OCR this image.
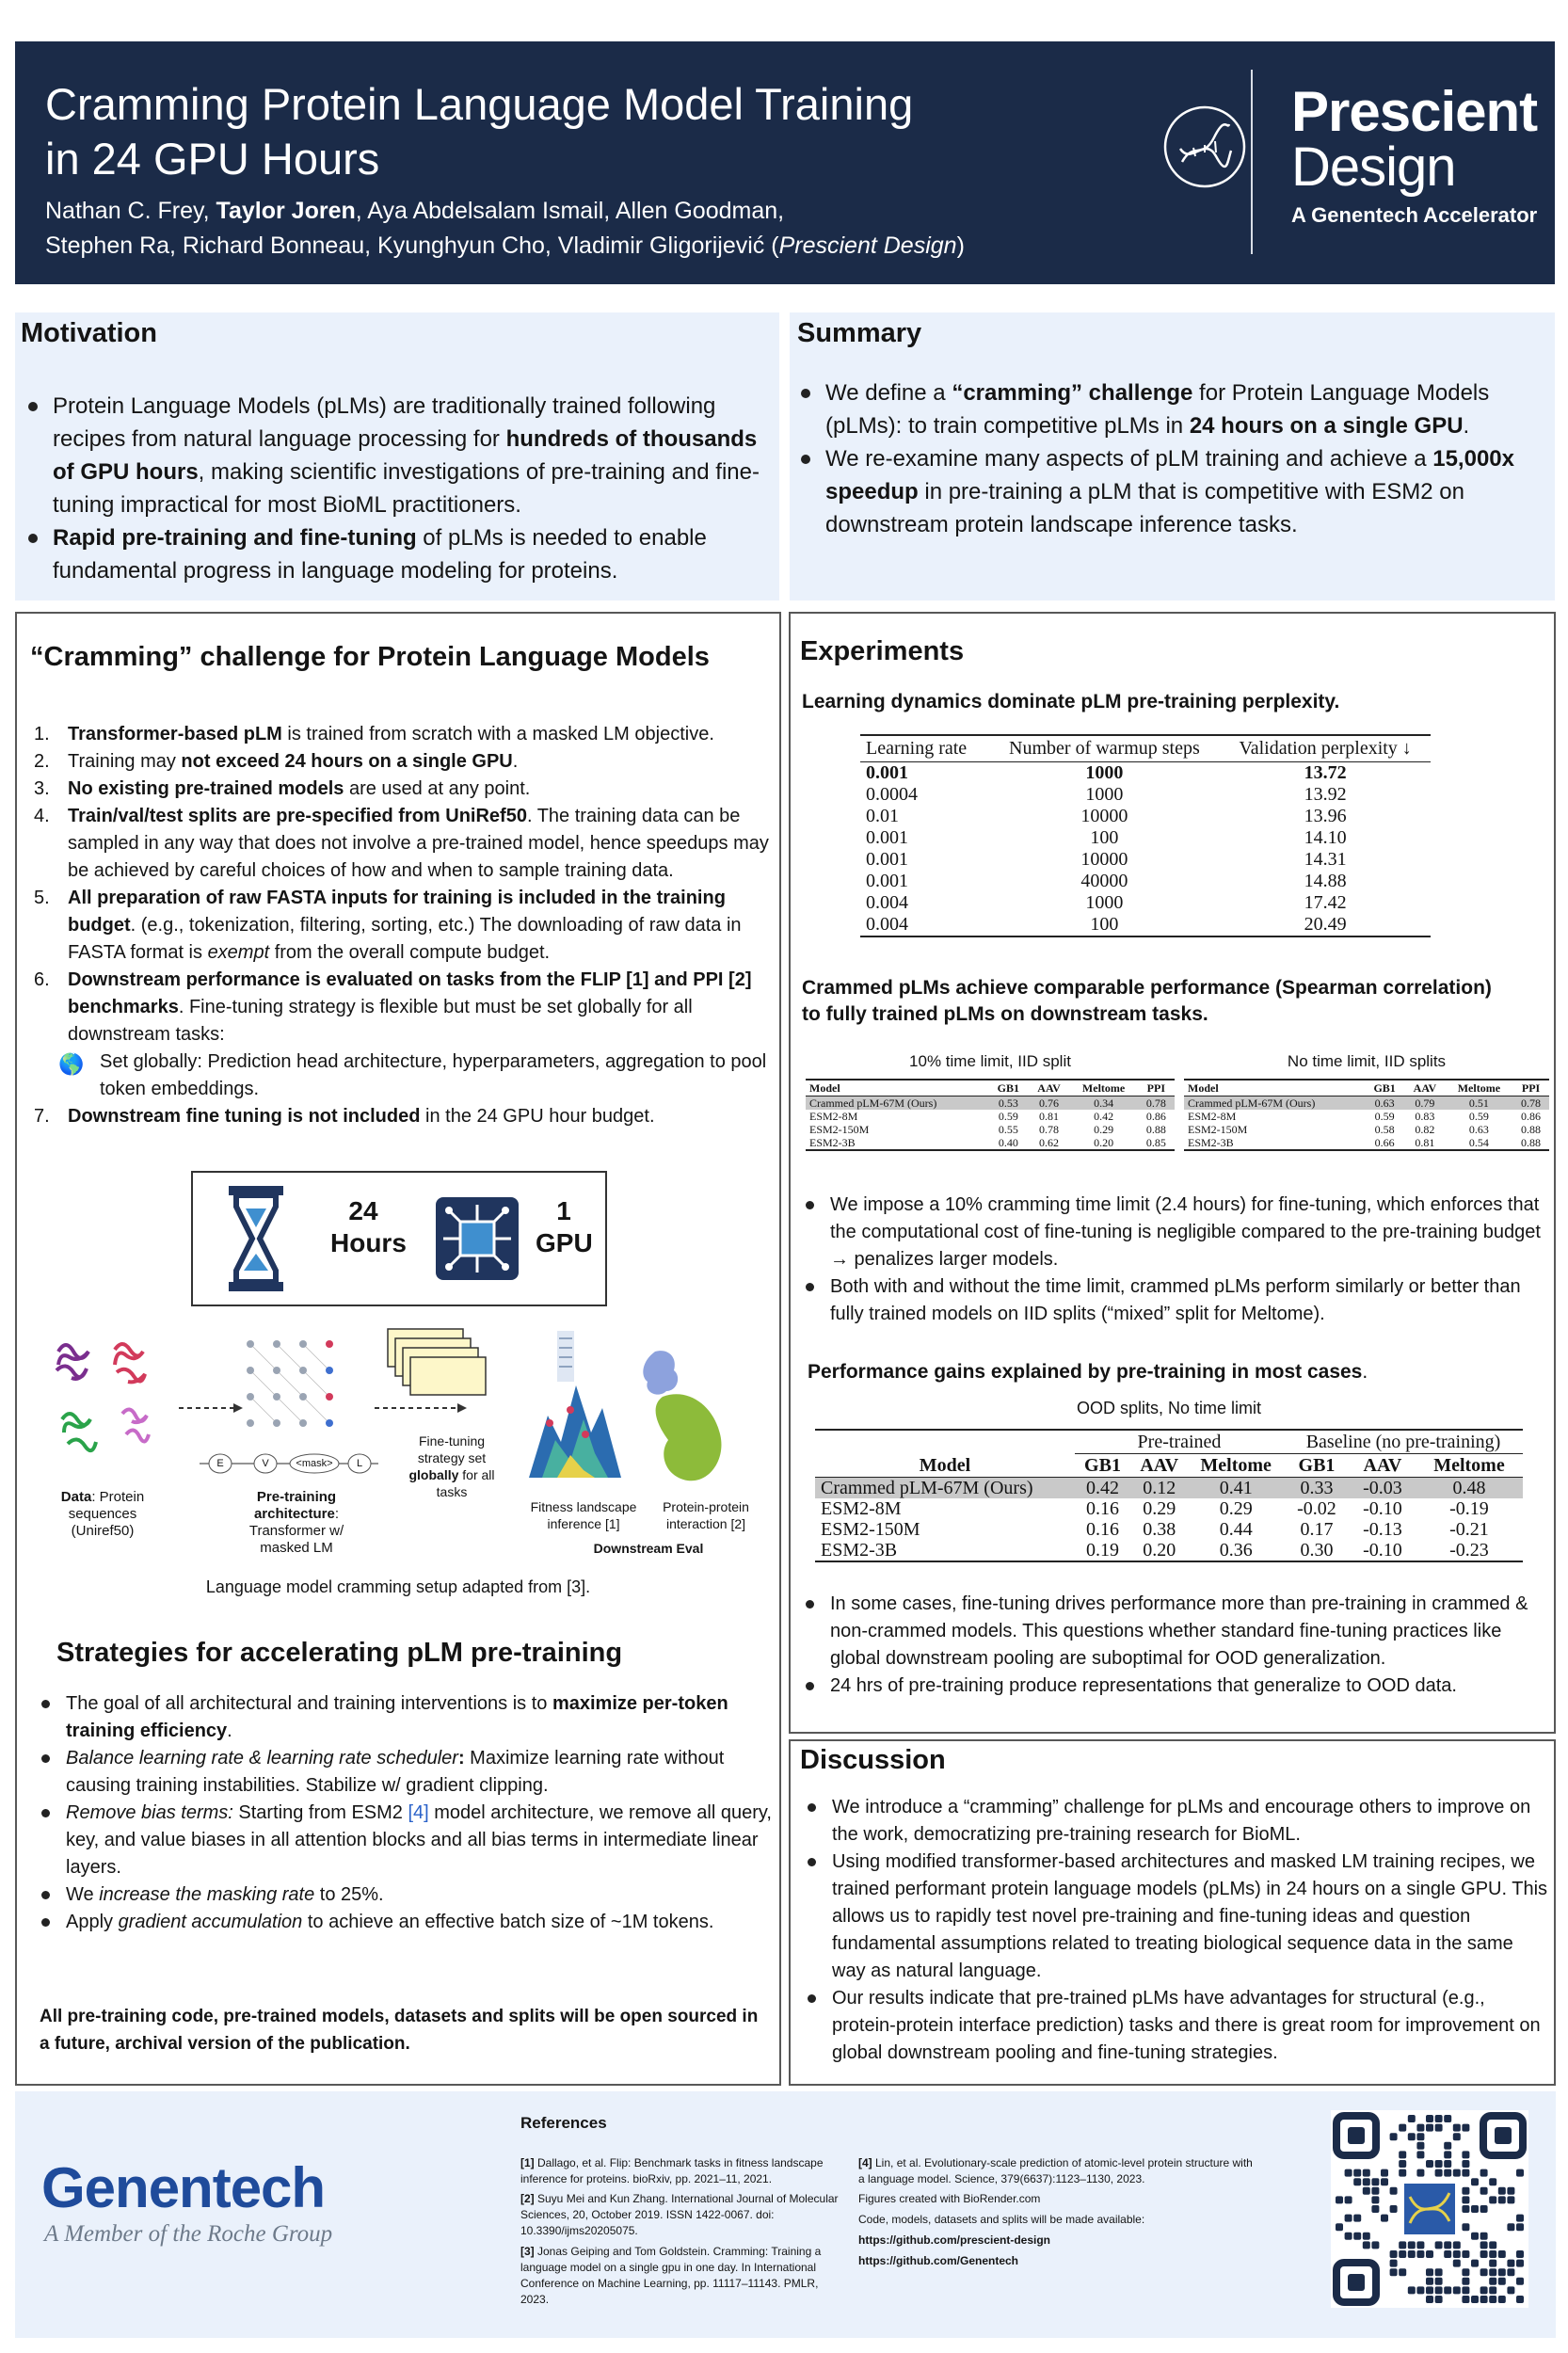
Cramming Protein Language Model Training
in 24 GPU Hours
Nathan C. Frey, Taylor Joren, Aya Abdelsalam Ismail, Allen Goodman,
Stephen Ra, Richard Bonneau, Kyunghyun Cho, Vladimir Gligorijević (Prescient Design)
Prescient
Design
A Genentech Accelerator
Motivation
Protein Language Models (pLMs) are traditionally trained following recipes from natural language processing for hundreds of thousands of GPU hours, making scientific investigations of pre-training and fine-tuning impractical for most BioML practitioners.
Rapid pre-training and fine-tuning of pLMs is needed to enable fundamental progress in language modeling for proteins.
Summary
We define a “cramming” challenge for Protein Language Models (pLMs): to train competitive pLMs in 24 hours on a single GPU.
We re-examine many aspects of pLM training and achieve a 15,000x speedup in pre-training a pLM that is competitive with ESM2 on downstream protein landscape inference tasks.
“Cramming” challenge for Protein Language Models
1. Transformer-based pLM is trained from scratch with a masked LM objective.
2. Training may not exceed 24 hours on a single GPU.
3. No existing pre-trained models are used at any point.
4. Train/val/test splits are pre-specified from UniRef50. The training data can be sampled in any way that does not involve a pre-trained model, hence speedups may be achieved by careful choices of how and when to sample training data.
5. All preparation of raw FASTA inputs for training is included in the training budget. (e.g., tokenization, filtering, sorting, etc.) The downloading of raw data in FASTA format is exempt from the overall compute budget.
6. Downstream performance is evaluated on tasks from the FLIP [1] and PPI [2] benchmarks. Fine-tuning strategy is flexible but must be set globally for all downstream tasks:
🌎 Set globally: Prediction head architecture, hyperparameters, aggregation to pool token embeddings.
7. Downstream fine tuning is not included in the 24 GPU hour budget.
24
Hours
1
GPU
Data: Protein sequences (Uniref50)
E	V	<mask>	L
Pre-training architecture: Transformer w/ masked LM
Fine-tuning strategy set globally for all tasks
Fitness landscape inference [1]
Protein-protein interaction [2]
Downstream Eval
Language model cramming setup adapted from [3].
Strategies for accelerating pLM pre-training
The goal of all architectural and training interventions is to maximize per-token training efficiency.
Balance learning rate & learning rate scheduler: Maximize learning rate without causing training instabilities. Stabilize w/ gradient clipping.
Remove bias terms: Starting from ESM2 [4] model architecture, we remove all query, key, and value biases in all attention blocks and all bias terms in intermediate linear layers.
We increase the masking rate to 25%.
Apply gradient accumulation to achieve an effective batch size of ~1M tokens.
All pre-training code, pre-trained models, datasets and splits will be open sourced in a future, archival version of the publication.
Experiments
Learning dynamics dominate pLM pre-training perplexity.
Learning rate	Number of warmup steps	Validation perplexity ↓
0.001	1000	13.72
0.0004	1000	13.92
0.01	10000	13.96
0.001	100	14.10
0.001	10000	14.31
0.001	40000	14.88
0.004	1000	17.42
0.004	100	20.49
Crammed pLMs achieve comparable performance (Spearman correlation)
to fully trained pLMs on downstream tasks.
10% time limit, IID split	No time limit, IID splits
Model	GB1	AAV	Meltome	PPI
Crammed pLM-67M (Ours)	0.53	0.76	0.34	0.78
ESM2-8M	0.59	0.81	0.42	0.86
ESM2-150M	0.55	0.78	0.29	0.88
ESM2-3B	0.40	0.62	0.20	0.85
Model	GB1	AAV	Meltome	PPI
Crammed pLM-67M (Ours)	0.63	0.79	0.51	0.78
ESM2-8M	0.59	0.83	0.59	0.86
ESM2-150M	0.58	0.82	0.63	0.88
ESM2-3B	0.66	0.81	0.54	0.88
We impose a 10% cramming time limit (2.4 hours) for fine-tuning, which enforces that the computational cost of fine-tuning is negligible compared to the pre-training budget → penalizes larger models.
Both with and without the time limit, crammed pLMs perform similarly or better than fully trained models on IID splits (“mixed” split for Meltome).
Performance gains explained by pre-training in most cases.
OOD splits, No time limit
	Pre-trained			Baseline (no pre-training)		
Model	GB1	AAV	Meltome	GB1	AAV	Meltome
Crammed pLM-67M (Ours)	0.42	0.12	0.41	0.33	-0.03	0.48
ESM2-8M	0.16	0.29	0.29	-0.02	-0.10	-0.19
ESM2-150M	0.16	0.38	0.44	0.17	-0.13	-0.21
ESM2-3B	0.19	0.20	0.36	0.30	-0.10	-0.23
In some cases, fine-tuning drives performance more than pre-training in crammed & non-crammed models. This questions whether standard fine-tuning practices like global downstream pooling are suboptimal for OOD generalization.
24 hrs of pre-training produce representations that generalize to OOD data.
Discussion
We introduce a “cramming” challenge for pLMs and encourage others to improve on the work, democratizing pre-training research for BioML.
Using modified transformer-based architectures and masked LM training recipes, we trained performant protein language models (pLMs) in 24 hours on a single GPU. This allows us to rapidly test novel pre-training and fine-tuning ideas and question fundamental assumptions related to treating biological sequence data in the same way as natural language.
Our results indicate that pre-trained pLMs have advantages for structural (e.g., protein-protein interface prediction) tasks and there is great room for improvement on global downstream pooling and fine-tuning strategies.
Genentech
A Member of the Roche Group
References
[1] Dallago, et al. Flip: Benchmark tasks in fitness landscape inference for proteins. bioRxiv, pp. 2021–11, 2021.
[2] Suyu Mei and Kun Zhang. International Journal of Molecular Sciences, 20, October 2019. ISSN 1422-0067. doi: 10.3390/ijms20205075.
[3] Jonas Geiping and Tom Goldstein. Cramming: Training a language model on a single gpu in one day. In International Conference on Machine Learning, pp. 11117–11143. PMLR, 2023.
[4] Lin, et al. Evolutionary-scale prediction of atomic-level protein structure with a language model. Science, 379(6637):1123–1130, 2023.
Figures created with BioRender.com
Code, models, datasets and splits will be made available:
https://github.com/prescient-design
https://github.com/Genentech
